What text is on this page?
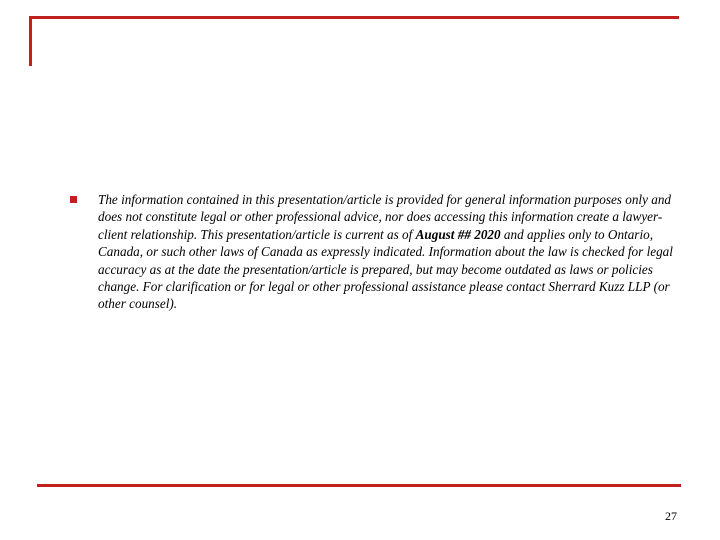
The information contained in this presentation/article is provided for general information purposes only and does not constitute legal or other professional advice, nor does accessing this information create a lawyer-client relationship. This presentation/article is current as of August ## 2020 and applies only to Ontario, Canada, or such other laws of Canada as expressly indicated. Information about the law is checked for legal accuracy as at the date the presentation/article is prepared, but may become outdated as laws or policies change. For clarification or for legal or other professional assistance please contact Sherrard Kuzz LLP (or other counsel).
27
